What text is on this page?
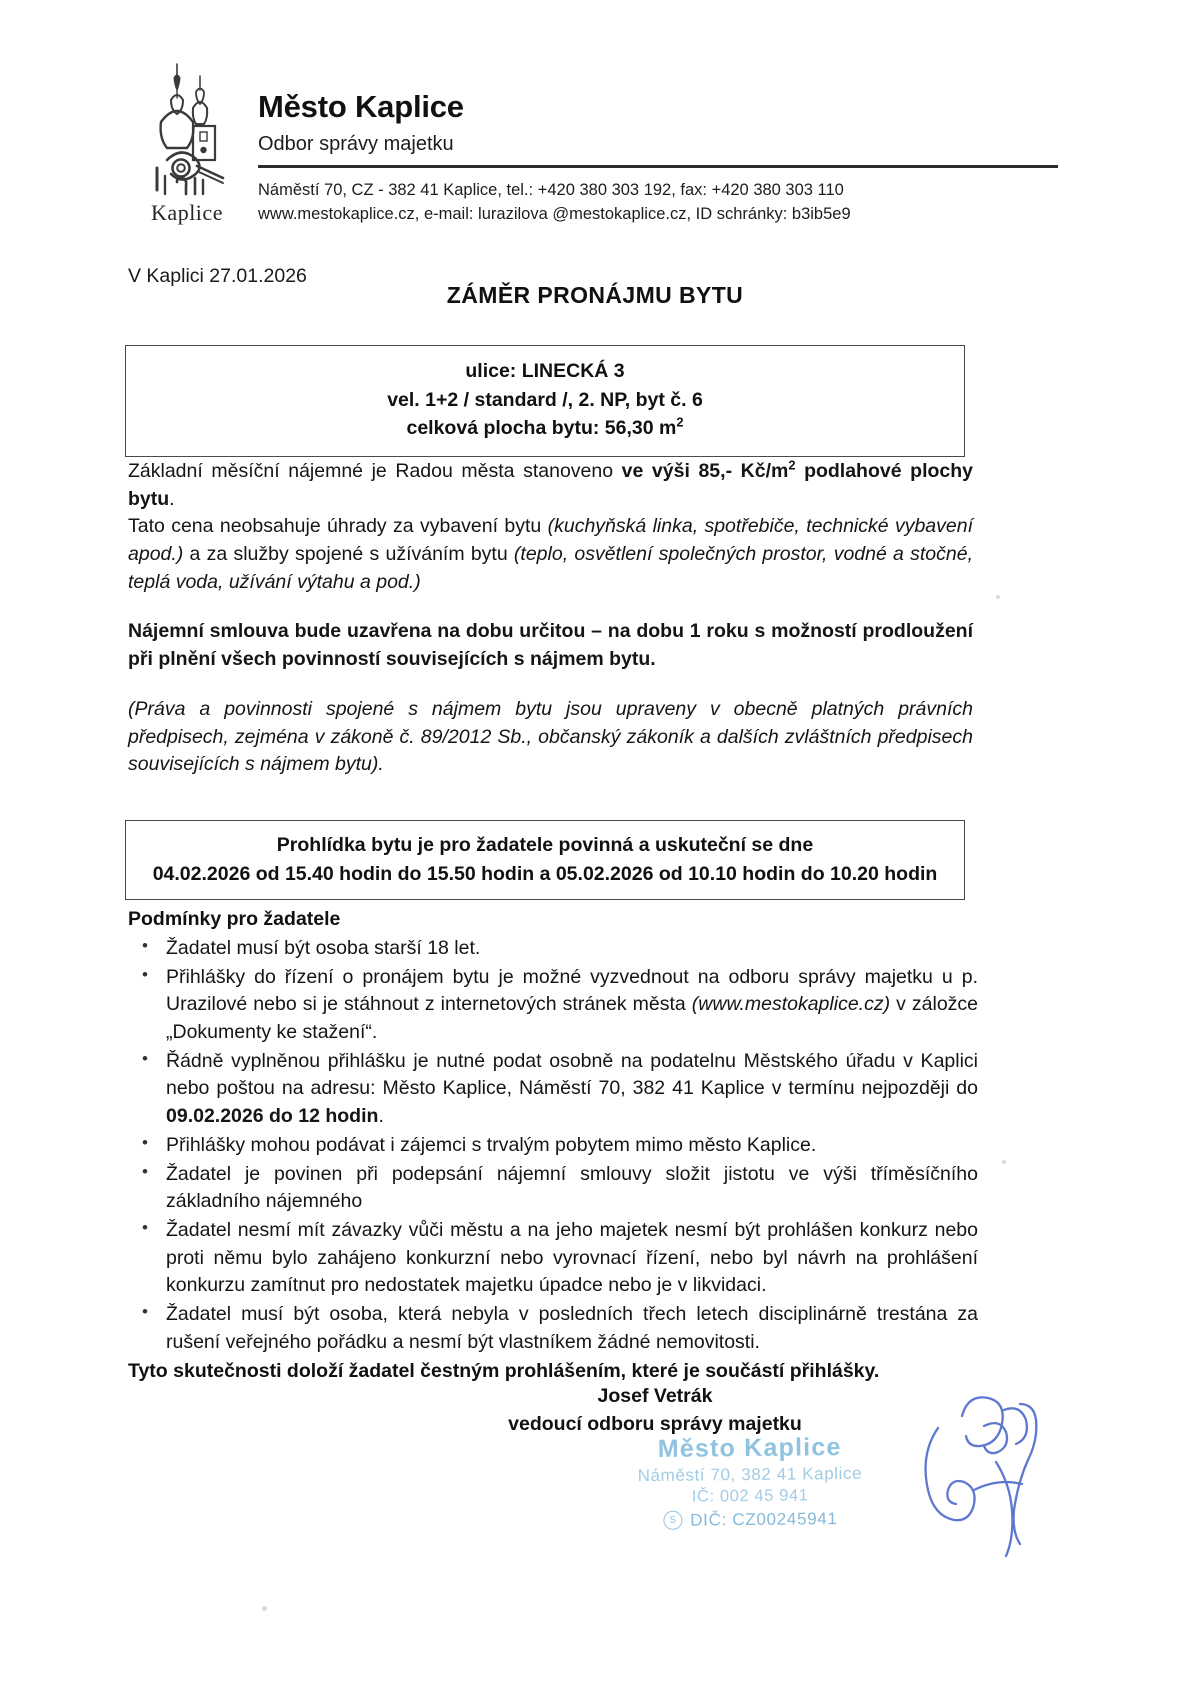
Kaplice
Město Kaplice
Odbor správy majetku
Náměstí 70, CZ - 382 41 Kaplice, tel.: +420 380 303 192, fax: +420 380 303 110
www.mestokaplice.cz, e-mail: lurazilova @mestokaplice.cz, ID schránky: b3ib5e9
V Kaplici 27.01.2026
ZÁMĚR PRONÁJMU BYTU
ulice: LINECKÁ 3
vel. 1+2 / standard /, 2. NP, byt č. 6
celková plocha bytu: 56,30 $m^2$

Základní měsíční nájemné je Radou města stanoveno ve výši 85,- $Kč/m^2$ podlahové plochy bytu.

Tato cena neobsahuje úhrady za vybavení bytu (kuchyňská linka, spotřebiče, technické vybavení apod.) a za služby spojené s užíváním bytu (teplo, osvětlení společných prostor, vodné a stočné, teplá voda, užívání výtahu a pod.)

Nájemní smlouva bude uzavřena na dobu určitou – na dobu 1 roku s možností prodloužení při plnění všech povinností souvisejících s nájmem bytu.

(Práva a povinnosti spojené s nájmem bytu jsou upraveny v obecně platných právních předpisech, zejména v zákoně č. 89/2012 Sb., občanský zákoník a dalších zvláštních předpisech souvisejících s nájmem bytu).

Prohlídka bytu je pro žadatele povinná a uskuteční se dne
04.02.2026 od 15.40 hodin do 15.50 hodin a 05.02.2026 od 10.10 hodin do 10.20 hodin
Podmínky pro žadatele
• Žadatel musí být osoba starší 18 let.
• Přihlášky do řízení o pronájem bytu je možné vyzvednout na odboru správy majetku u p. Urazilové nebo si je stáhnout z internetových stránek města (www.mestokaplice.cz) v záložce „Dokumenty ke stažení“.
• Řádně vyplněnou přihlášku je nutné podat osobně na podatelnu Městského úřadu v Kaplici nebo poštou na adresu: Město Kaplice, Náměstí 70, 382 41 Kaplice v termínu nejpozději do 09.02.2026 do 12 hodin.
• Přihlášky mohou podávat i zájemci s trvalým pobytem mimo město Kaplice.
• Žadatel je povinen při podepsání nájemní smlouvy složit jistotu ve výši tříměsíčního základního nájemného
• Žadatel nesmí mít závazky vůči městu a na jeho majetek nesmí být prohlášen konkurz nebo proti němu bylo zahájeno konkurzní nebo vyrovnací řízení, nebo byl návrh na prohlášení konkurzu zamítnut pro nedostatek majetku úpadce nebo je v likvidaci.
• Žadatel musí být osoba, která nebyla v posledních třech letech disciplinárně trestána za rušení veřejného pořádku a nesmí být vlastníkem žádné nemovitosti.
Tyto skutečnosti doloží žadatel čestným prohlášením, které je součástí přihlášky.
Josef Vetrák
vedoucí odboru správy majetku
Město Kaplice
Náměstí 70, 382 41 Kaplice
IČ: 002 45 941
S DIČ: CZ00245941
